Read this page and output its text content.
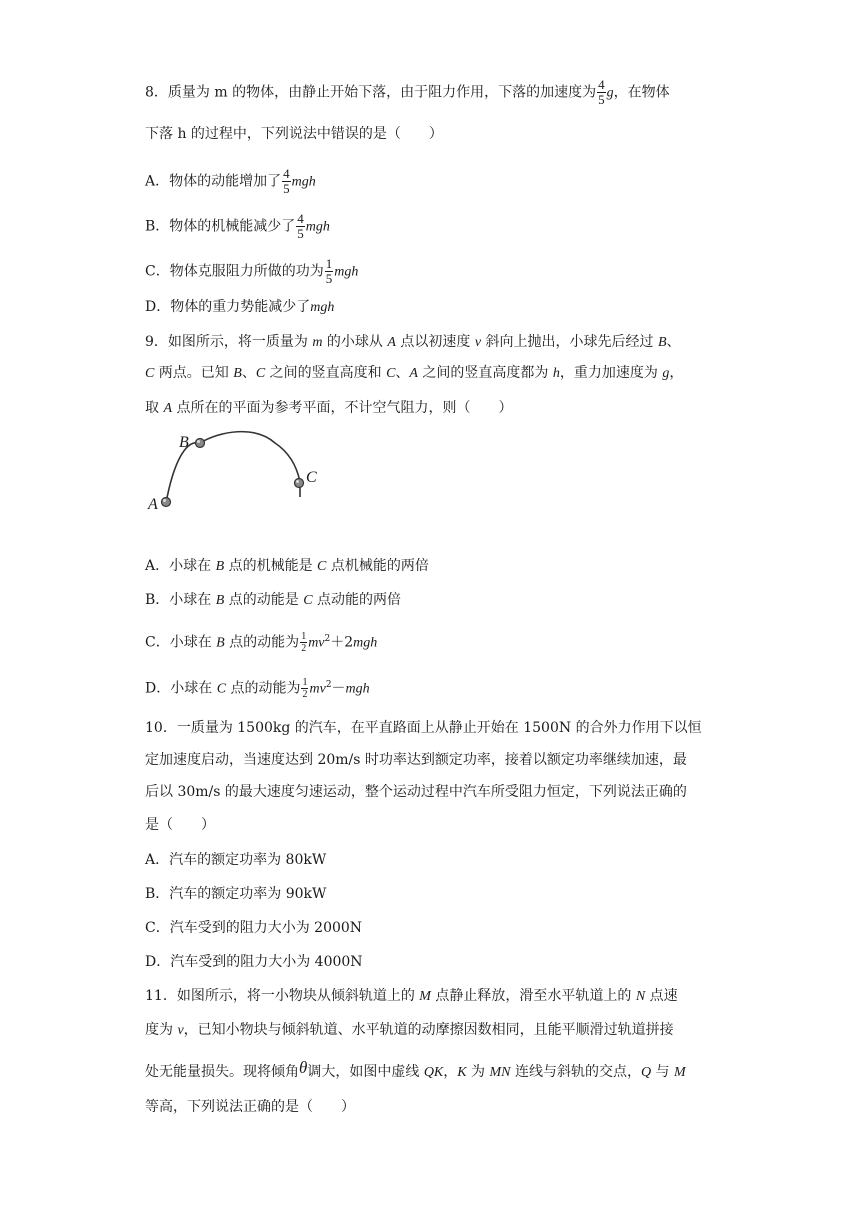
8．质量为 m 的物体，由静止开始下落，由于阻力作用，下落的加速度为 $\frac{4}{5}$ g，在物体
下落 h 的过程中，下列说法中错误的是（　　）
A．物体的动能增加了 $\frac{4}{5}$ mgh
B．物体的机械能减少了 $\frac{4}{5}$ mgh
C．物体克服阻力所做的功为 $\frac{1}{5}$ mgh
D．物体的重力势能减少了mgh
9．如图所示，将一质量为 m 的小球从 A 点以初速度 v 斜向上抛出，小球先后经过 B、
C 两点。已知 B、C 之间的竖直高度和 C、A 之间的竖直高度都为 h，重力加速度为 g，
取 A 点所在的平面为参考平面，不计空气阻力，则（　　）
A
B
C
A．小球在 B 点的机械能是 C 点机械能的两倍
B．小球在 B 点的动能是 C 点动能的两倍
C．小球在 B 点的动能为 $\frac{1}{2} mv^2+2mgh$
D．小球在 C 点的动能为 $\frac{1}{2} mv^2-mgh$
10．一质量为 1500kg 的汽车，在平直路面上从静止开始在 1500N 的合外力作用下以恒
定加速度启动，当速度达到 20m/s 时功率达到额定功率，接着以额定功率继续加速，最
后以 30m/s 的最大速度匀速运动，整个运动过程中汽车所受阻力恒定，下列说法正确的
是（　　）
A．汽车的额定功率为 80kW
B．汽车的额定功率为 90kW
C．汽车受到的阻力大小为 2000N
D．汽车受到的阻力大小为 4000N
11．如图所示，将一小物块从倾斜轨道上的 M 点静止释放，滑至水平轨道上的 N 点速
度为 v，已知小物块与倾斜轨道、水平轨道的动摩擦因数相同，且能平顺滑过轨道拼接
处无能量损失。现将倾角θ调大，如图中虚线 QK，K 为 MN 连线与斜轨的交点，Q 与 M
等高，下列说法正确的是（　　）
